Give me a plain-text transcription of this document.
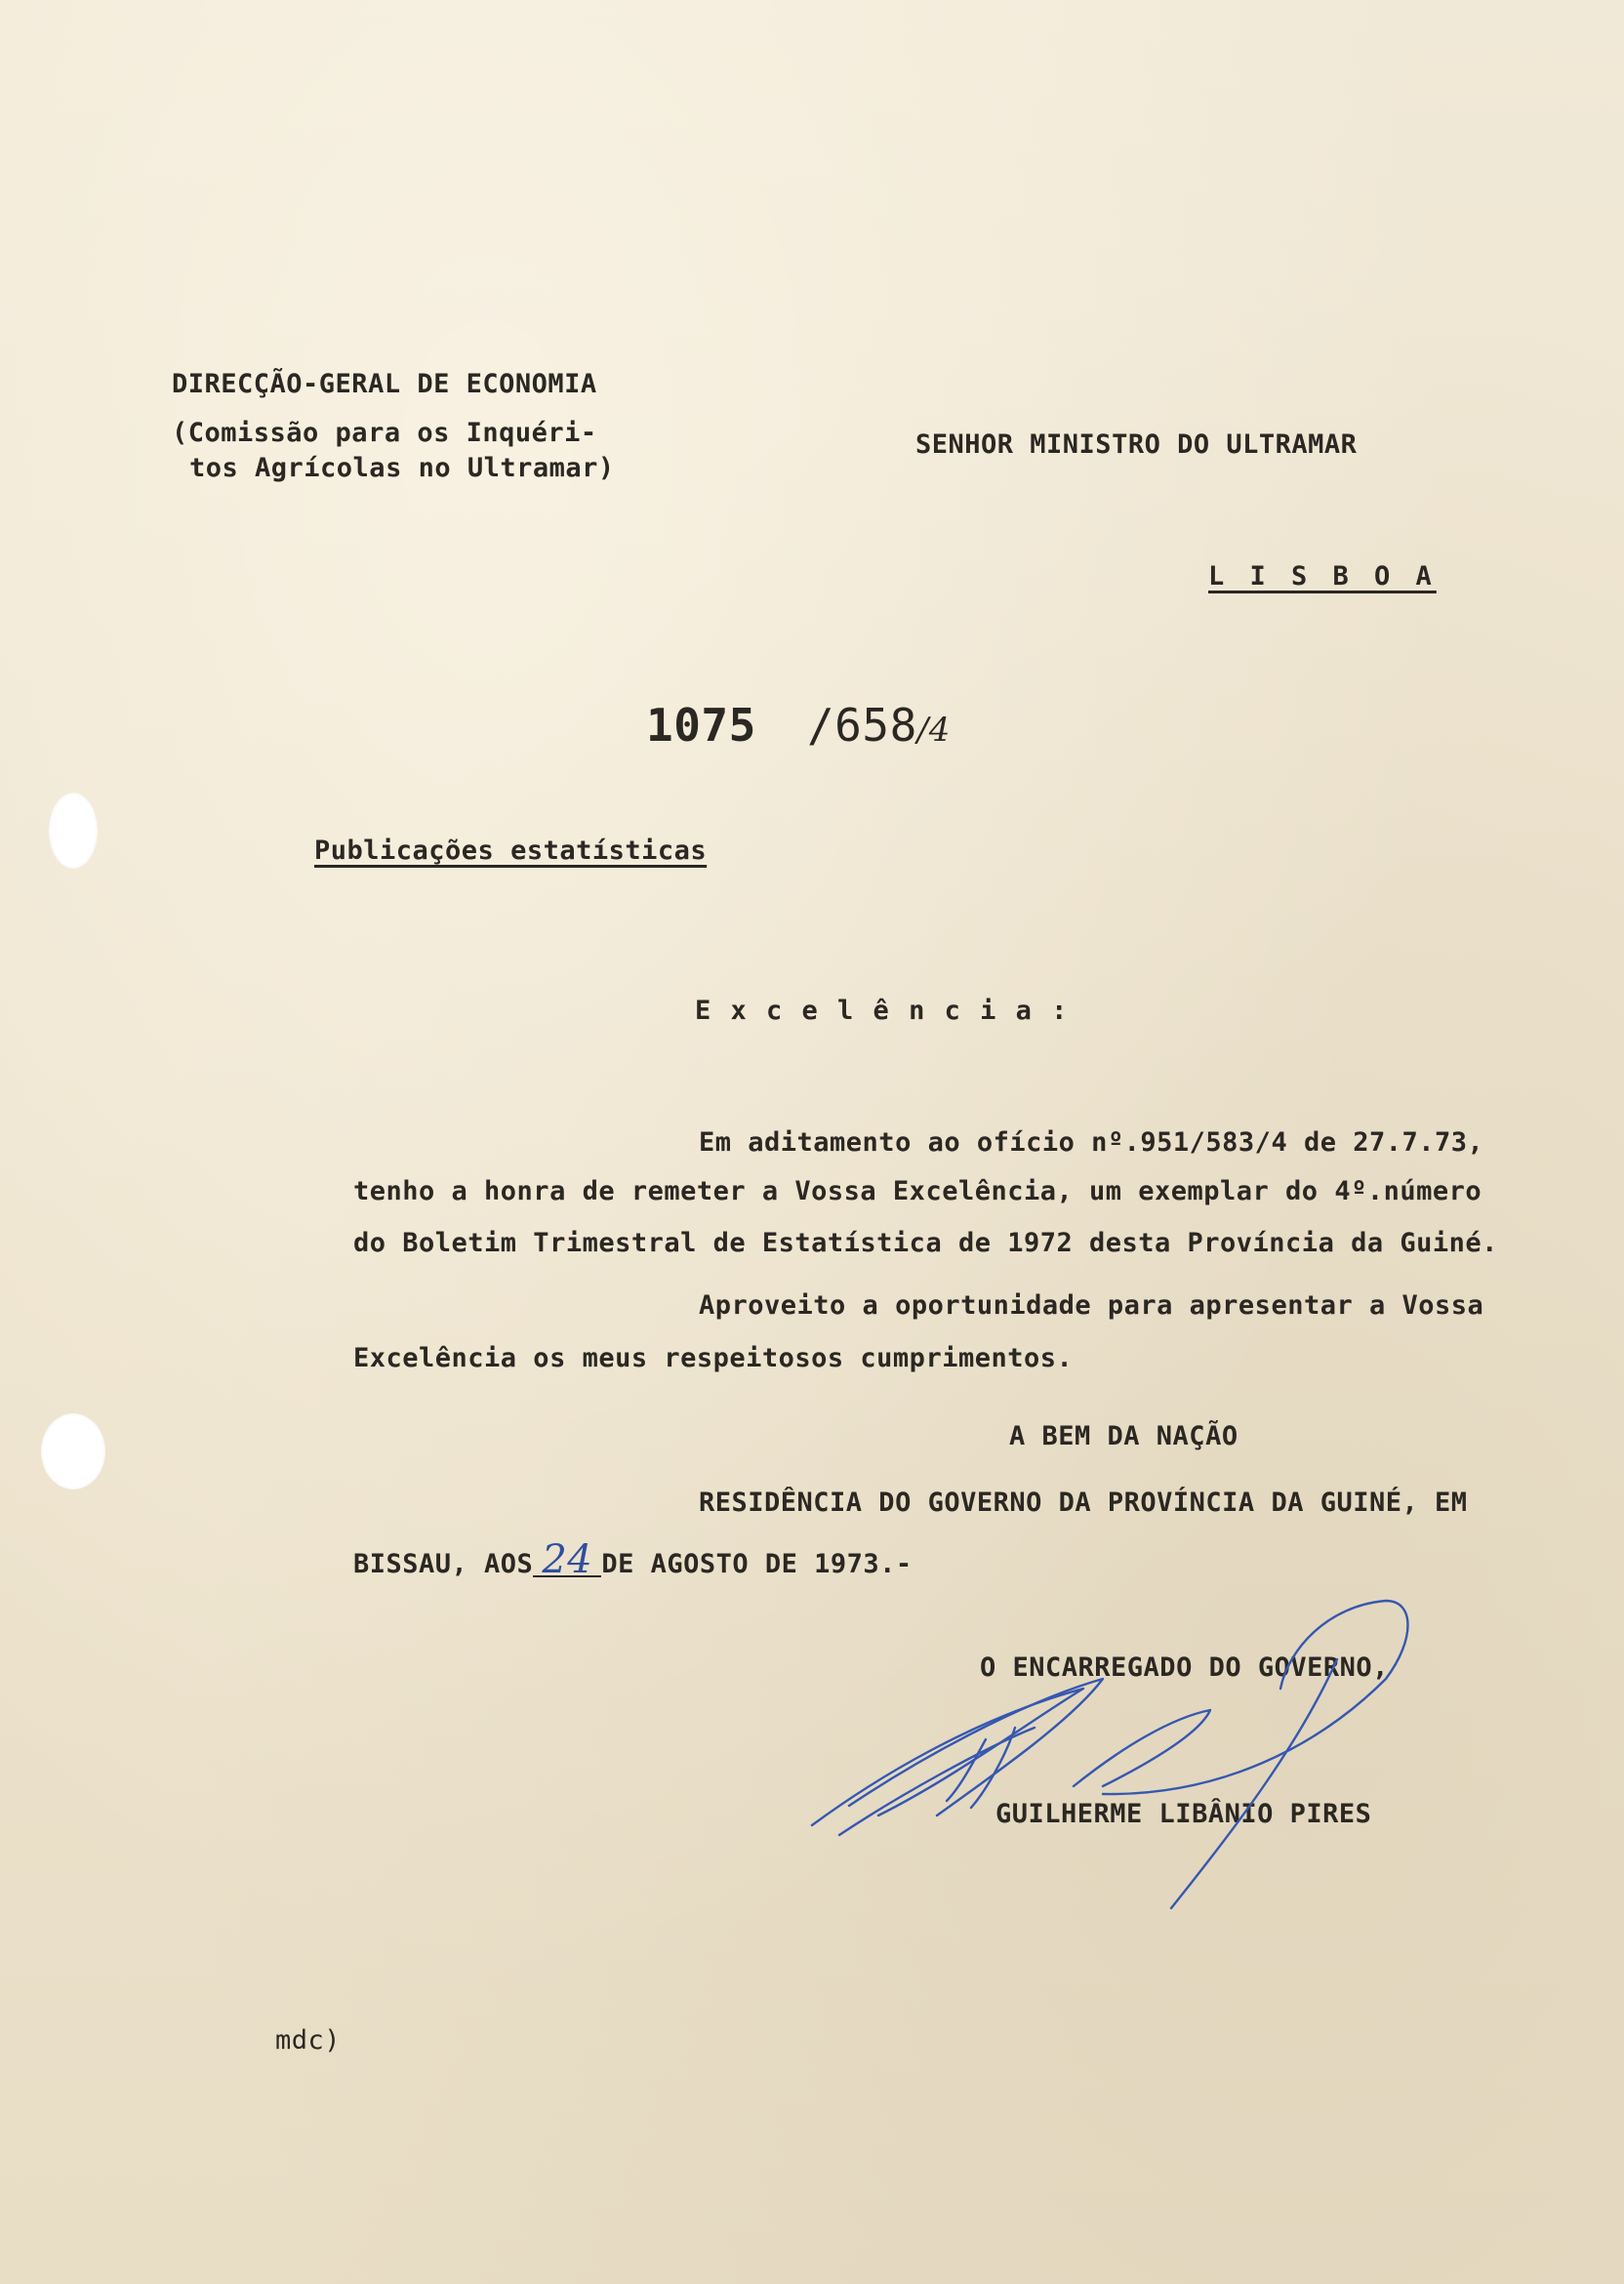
DIRECÇÃO-GERAL DE ECONOMIA
(Comissão para os Inquéri-
tos Agrícolas no Ultramar)
SENHOR MINISTRO DO ULTRAMAR
L I S B O A
1075 /658/4
Publicações estatísticas
E x c e l ê n c i a :
Em aditamento ao ofício nº.951/583/4 de 27.7.73,
tenho a honra de remeter a Vossa Excelência, um exemplar do 4º.número
do Boletim Trimestral de Estatística de 1972 desta Província da Guiné.
Aproveito a oportunidade para apresentar a Vossa
Excelência os meus respeitosos cumprimentos.
A BEM DA NAÇÃO
RESIDÊNCIA DO GOVERNO DA PROVÍNCIA DA GUINÉ, EM
BISSAU, AOS 24 DE AGOSTO DE 1973.-
O ENCARREGADO DO GOVERNO,
GUILHERME LIBÂNIO PIRES
mdc)
